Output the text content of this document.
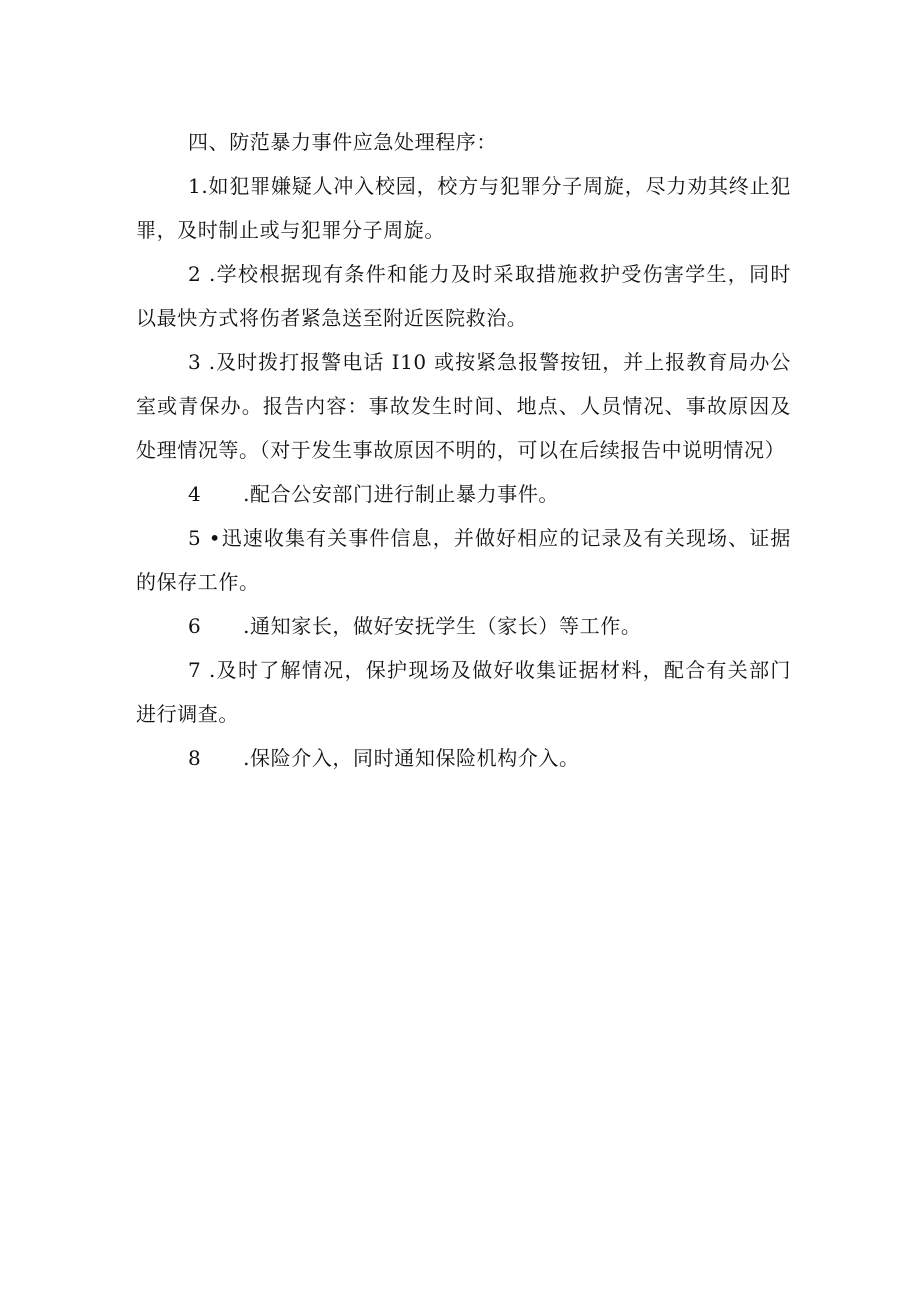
四、防范暴力事件应急处理程序：

1.如犯罪嫌疑人冲入校园，校方与犯罪分子周旋，尽力劝其终止犯罪，及时制止或与犯罪分子周旋。

2 .学校根据现有条件和能力及时采取措施救护受伤害学生，同时以最快方式将伤者紧急送至附近医院救治。

3 .及时拨打报警电话 I10 或按紧急报警按钮，并上报教育局办公室或青保办。报告内容：事故发生时间、地点、人员情况、事故原因及处理情况等。（对于发生事故原因不明的，可以在后续报告中说明情况）

4      .配合公安部门进行制止暴力事件。

5 •迅速收集有关事件信息，并做好相应的记录及有关现场、证据的保存工作。

6      .通知家长，做好安抚学生（家长）等工作。

7 .及时了解情况，保护现场及做好收集证据材料，配合有关部门进行调查。

8      .保险介入，同时通知保险机构介入。
